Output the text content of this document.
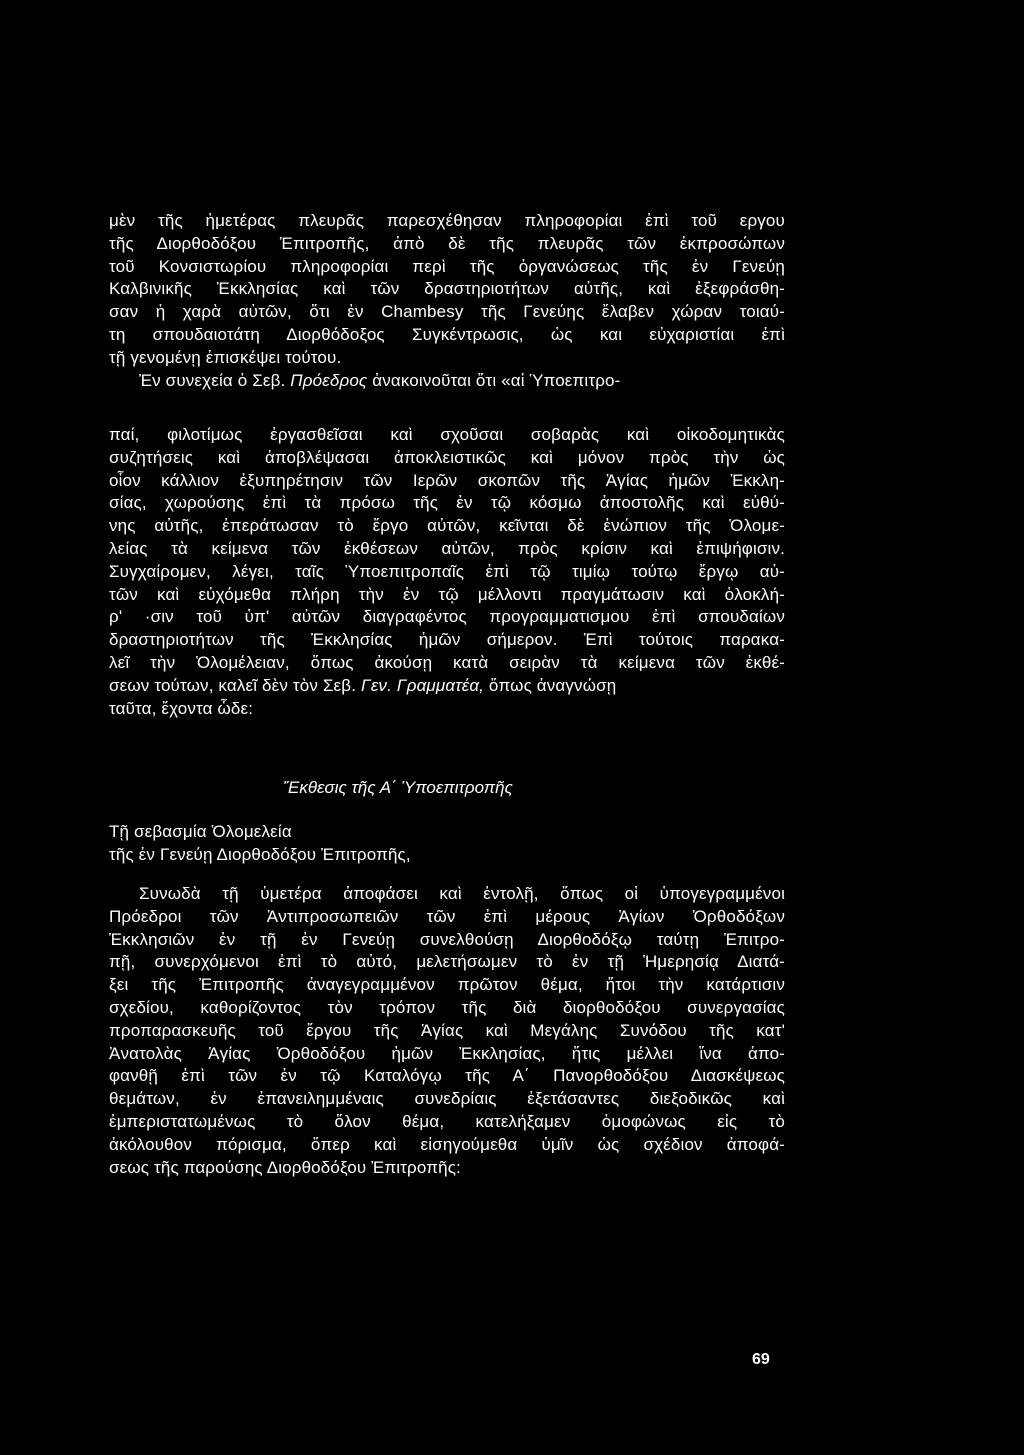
μὲν τῆς ἡμετέρας πλευρᾶς παρεσχέθησαν πληροφορίαι ἐπὶ τοῦ εργου
τῆς Διορθοδόξου Ἐπιτροπῆς, ἀπὸ δὲ τῆς πλευρᾶς τῶν ἐκπροσώπων
τοῦ Κονσιστωρίου πληροφορίαι περὶ τῆς ὀργανώσεως τῆς ἐν Γενεύῃ
Καλβινικῆς Ἐκκλησίας καὶ τῶν δραστηριοτήτων αὐτῆς, καὶ ἐξεφράσθη-
σαν ἡ χαρὰ αὐτῶν, ὅτι ἐν Chambesy τῆς Γενεύης ἔλαβεν χώραν τοιαύ-
τη σπουδαιοτάτη Διορθόδοξος Συγκέντρωσις, ὡς και εὐχαριστίαι ἐπὶ
τῇ γενομένῃ ἐπισκέψει τούτου.
Ἐν συνεχεία ὁ Σεβ. Πρόεδρος ἀνακοινοῦται ὅτι «αἱ Ὑποεπιτρο-
παί, φιλοτίμως ἐργασθεῖσαι καὶ σχοῦσαι σοβαρὰς καὶ οἰκοδομητικὰς
συζητήσεις καὶ ἀποβλέψασαι ἀποκλειστικῶς καὶ μόνον πρὸς τὴν ὡς
οἷον κάλλιον ἐξυπηρέτησιν τῶν Ιερῶν σκοπῶν τῆς Ἁγίας ἡμῶν Ἐκκλη-
σίας, χωρούσης ἐπὶ τὰ πρόσω τῆς ἐν τῷ κόσμω ἀποστολῆς καὶ εὐθύ-
νης αὐτῆς, ἐπεράτωσαν τὸ ἔργο αὐτῶν, κεῖνται δὲ ἐνώπιον τῆς Ὁλομε-
λείας τὰ κείμενα τῶν ἐκθέσεων αὐτῶν, πρὸς κρίσιν καὶ ἐπιψήφισιν.
Συγχαίρομεν, λέγει, ταῖς Ὑποεπιτροπαῖς ἐπὶ τῷ τιμίῳ τούτῳ ἔργῳ αὐ-
τῶν καὶ εὐχόμεθα πλήρη τὴν ἐν τῷ μέλλοντι πραγμάτωσιν καὶ ὁλοκλή-
ρ' ·σιν τοῦ ὑπ' αὐτῶν διαγραφέντος προγραμματισμου ἐπὶ σπουδαίων
δραστηριοτήτων τῆς Ἐκκλησίας ἡμῶν σήμερον. Ἐπὶ τούτοις παρακα-
λεῖ τὴν Ὁλομέλειαν, ὅπως ἀκούσῃ κατὰ σειρὰν τὰ κείμενα τῶν ἐκθέ-
σεων τούτων, καλεῖ δὲν τὸν Σεβ. Γεν. Γραμματέα, ὅπως ἀναγνώσῃ
ταῦτα, ἔχοντα ὧδε:
Ἔκθεσις τῆς Α΄ Ὑποεπιτροπῆς
Τῇ σεβασμία Ὁλομελεία
τῆς ἐν Γενεύῃ Διορθοδόξου Ἐπιτροπῆς,
Συνωδὰ τῇ ὑμετέρα ἀποφάσει καὶ ἐντολῇ, ὅπως οἱ ὑπογεγραμμένοι
Πρόεδροι τῶν Ἀντιπροσωπειῶν τῶν ἐπὶ μέρους Ἁγίων Ὀρθοδόξων
Ἐκκλησιῶν ἐν τῇ ἐν Γενεύῃ συνελθούσῃ Διορθοδόξῳ ταύτῃ Ἐπιτρο-
πῇ, συνερχόμενοι ἐπὶ τὸ αὐτό, μελετήσωμεν τὸ ἐν τῇ Ἡμερησίᾳ Διατά-
ξει τῆς Ἐπιτροπῆς ἀναγεγραμμένον πρῶτον θέμα, ἤτοι τὴν κατάρτισιν
σχεδίου, καθορίζοντος τὸν τρόπον τῆς διὰ διορθοδόξου συνεργασίας
προπαρασκευῆς τοῦ ἔργου τῆς Ἁγίας καὶ Μεγάλης Συνόδου τῆς κατ'
Ἀνατολὰς Ἁγίας Ὀρθοδόξου ἡμῶν Ἐκκλησίας, ἥτις μέλλει ἵνα ἀπο-
φανθῇ ἐπὶ τῶν ἐν τῷ Καταλόγῳ τῆς Α΄ Πανορθοδόξου Διασκέψεως
θεμάτων, ἐν ἐπανειλημμέναις συνεδρίαις ἐξετάσαντες διεξοδικῶς καὶ
ἐμπεριστατωμένως τὸ ὅλον θέμα, κατελήξαμεν ὁμοφώνως εἰς τὸ
ἀκόλουθον πόρισμα, ὅπερ καὶ εἰσηγούμεθα ὑμῖν ὡς σχέδιον ἀποφά-
σεως τῆς παρούσης Διορθοδόξου Ἐπιτροπῆς:
69
